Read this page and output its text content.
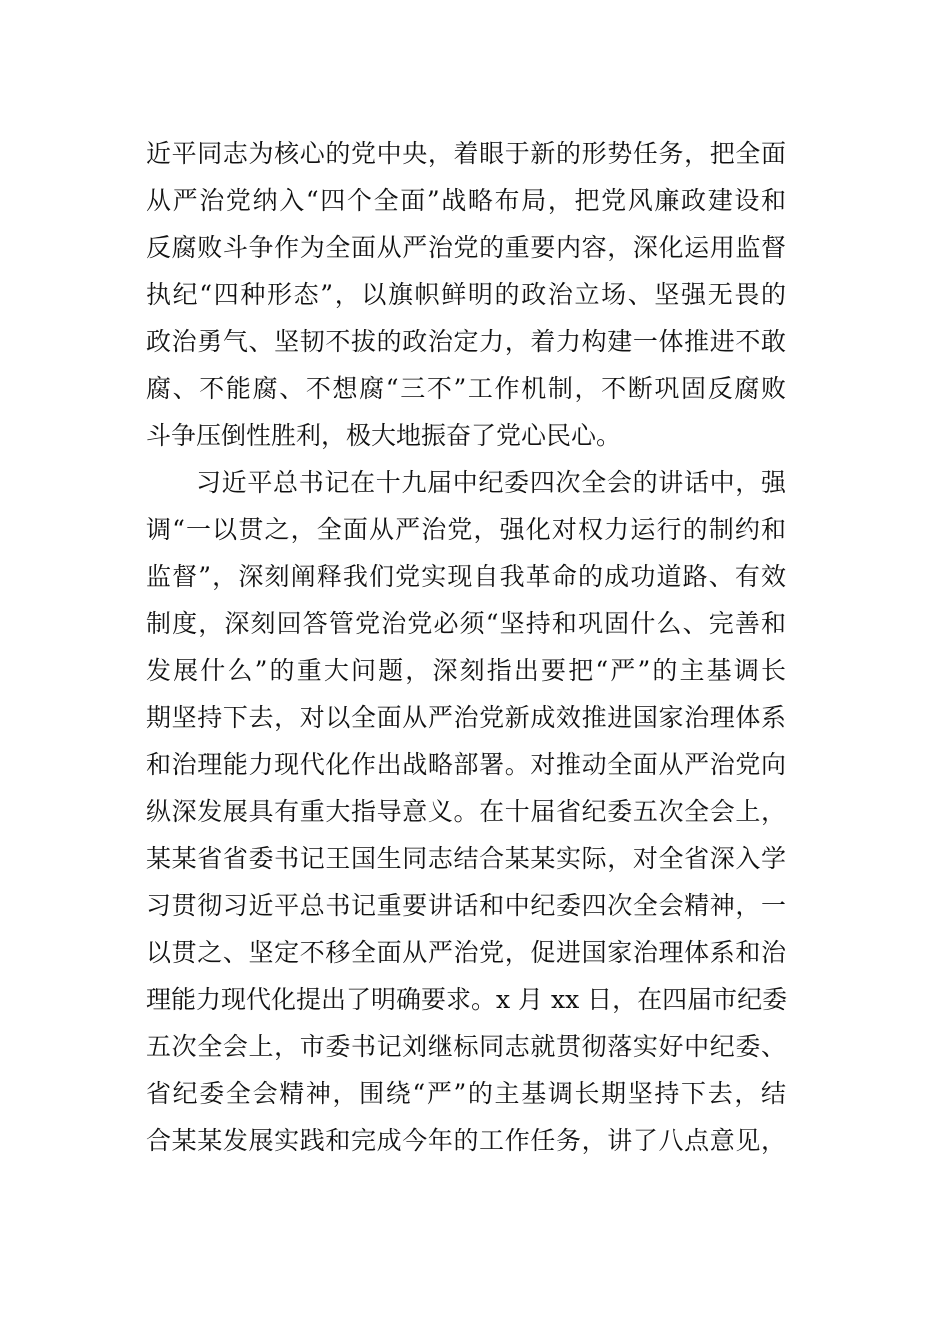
近平同志为核心的党中央，着眼于新的形势任务，把全面
从严治党纳入“四个全面”战略布局，把党风廉政建设和
反腐败斗争作为全面从严治党的重要内容，深化运用监督
执纪“四种形态”，以旗帜鲜明的政治立场、坚强无畏的
政治勇气、坚韧不拔的政治定力，着力构建一体推进不敢
腐、不能腐、不想腐“三不”工作机制，不断巩固反腐败
斗争压倒性胜利，极大地振奋了党心民心。
习近平总书记在十九届中纪委四次全会的讲话中，强
调“一以贯之，全面从严治党，强化对权力运行的制约和
监督”，深刻阐释我们党实现自我革命的成功道路、有效
制度，深刻回答管党治党必须“坚持和巩固什么、完善和
发展什么”的重大问题，深刻指出要把“严”的主基调长
期坚持下去，对以全面从严治党新成效推进国家治理体系
和治理能力现代化作出战略部署。对推动全面从严治党向
纵深发展具有重大指导意义。在十届省纪委五次全会上，
某某省省委书记王国生同志结合某某实际，对全省深入学
习贯彻习近平总书记重要讲话和中纪委四次全会精神，一
以贯之、坚定不移全面从严治党，促进国家治理体系和治
理能力现代化提出了明确要求。x 月 xx 日，在四届市纪委
五次全会上，市委书记刘继标同志就贯彻落实好中纪委、
省纪委全会精神，围绕“严”的主基调长期坚持下去，结
合某某发展实践和完成今年的工作任务，讲了八点意见，
